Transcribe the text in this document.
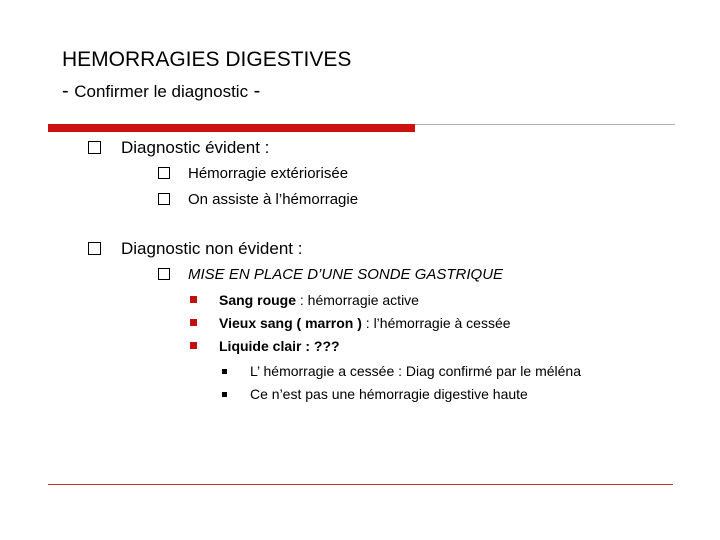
HEMORRAGIES DIGESTIVES
- Confirmer le diagnostic -
Diagnostic évident :
Hémorragie extériorisée
On assiste à l’hémorragie
Diagnostic non évident :
MISE EN PLACE D’UNE SONDE GASTRIQUE
Sang rouge : hémorragie active
Vieux sang ( marron ) : l’hémorragie à cessée
Liquide clair : ???
L’ hémorragie a cessée : Diag confirmé par le méléna
Ce n’est pas une hémorragie digestive haute
